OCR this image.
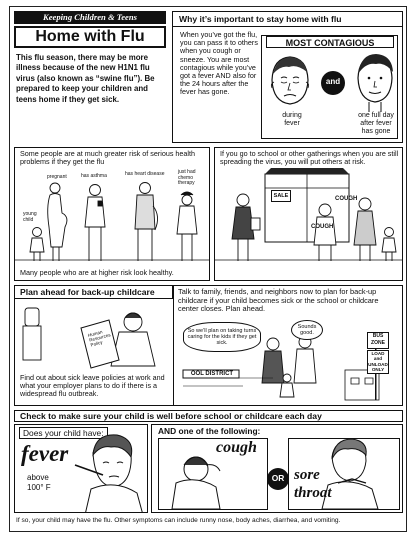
Keeping Children & Teens
Home with Flu
This flu season, there may be more illness because of the new H1N1 flu virus (also known as “swine flu”). Be prepared to keep your children and teens home if they get sick.
Why it’s important to stay home with flu
When you’ve got the flu, you can pass it to others when you cough or sneeze. You are most contagious while you’ve got a fever AND also for the 24 hours after the fever has gone.
MOST CONTAGIOUS
and
during fever
one full day after fever has gone
Some people are at much greater risk of serious health problems if they get the flu
pregnant	has asthma	has heart disease	just had chemo therapy
young child
Many people who are at higher risk look healthy.
If you go to school or other gatherings when you are still spreading the virus, you will put others at risk.
SALE	COUGH
COUGH
Plan ahead for back-up childcare
Human Resources Policy
Find out about sick leave policies at work and what your employer plans to do if there is a widespread flu outbreak.
Talk to family, friends, and neighbors now to plan for back-up childcare if your child becomes sick or the school or childcare center closes. Plan ahead.
So we’ll plan on taking turns caring for the kids if they get sick.
Sounds good.
OOL DISTRICT
BUS ZONE
LOAD and UNLOAD ONLY
Check to make sure your child is well before school or childcare each day
Does your child have:
fever
above 100° F
AND one of the following:
cough
OR sore
throat
If so, your child may have the flu. Other symptoms can include runny nose, body aches, diarrhea, and vomiting.
